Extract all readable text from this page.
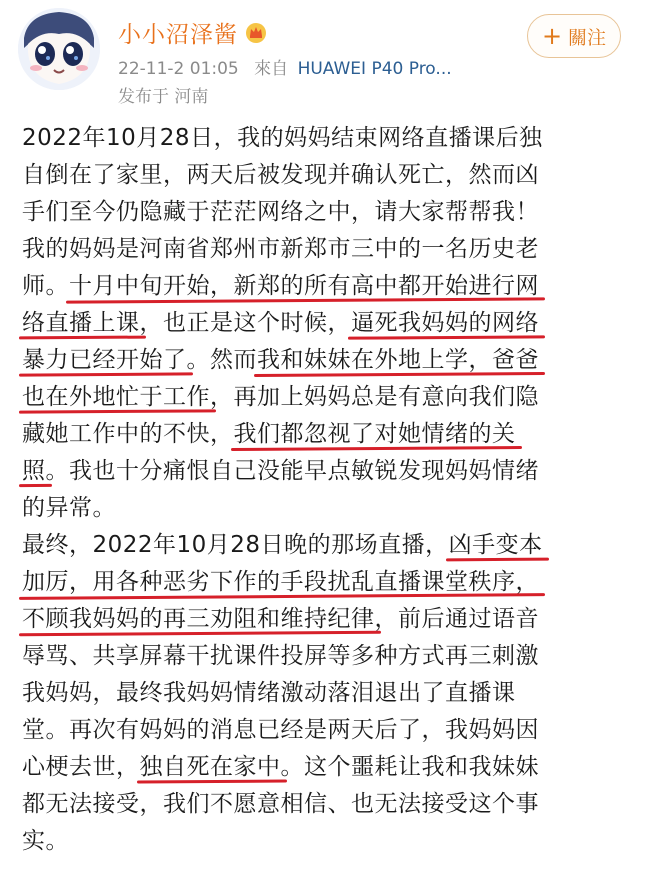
小小沼泽酱
22-11-2 01:05 來自 HUAWEI P40 Pro...
发布于 河南
+ 關注
2022年10月28日，我的妈妈结束网络直播课后独
自倒在了家里，两天后被发现并确认死亡，然而凶
手们至今仍隐藏于茫茫网络之中，请大家帮帮我！
我的妈妈是河南省郑州市新郑市三中的一名历史老
师。十月中旬开始，新郑的所有高中都开始进行网
络直播上课，也正是这个时候，逼死我妈妈的网络
暴力已经开始了。然而我和妹妹在外地上学，爸爸
也在外地忙于工作，再加上妈妈总是有意向我们隐
藏她工作中的不快，我们都忽视了对她情绪的关
照。我也十分痛恨自己没能早点敏锐发现妈妈情绪
的异常。
最终，2022年10月28日晚的那场直播，凶手变本
加厉，用各种恶劣下作的手段扰乱直播课堂秩序，
不顾我妈妈的再三劝阻和维持纪律，前后通过语音
辱骂、共享屏幕干扰课件投屏等多种方式再三刺激
我妈妈，最终我妈妈情绪激动落泪退出了直播课
堂。再次有妈妈的消息已经是两天后了，我妈妈因
心梗去世，独自死在家中。这个噩耗让我和我妹妹
都无法接受，我们不愿意相信、也无法接受这个事
实。
